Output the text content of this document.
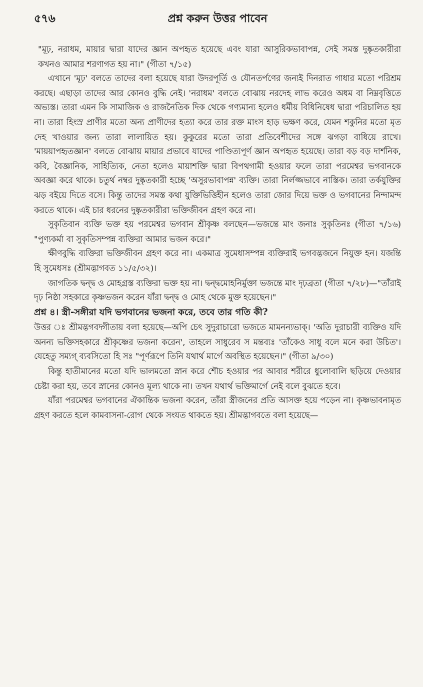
৫৭৬	প্রশ্ন করুন উত্তর পাবেন

"মূঢ়, নরাধম, মায়ার দ্বারা যাদের জ্ঞান অপহৃত হয়েছে এবং যারা আসুরিকভাবাপন্ন, সেই সমস্ত দুষ্কৃতকারীরা কখনও আমার শরণাগত হয় না।" (গীতা ৭/১৫)

এখানে 'মূঢ়' বলতে তাদের বলা হয়েছে যারা উদরপূর্তি ও যৌনতর্পণের জন্যই দিনরাত গাধার মতো পরিশ্রম করছে। এছাড়া তাদের আর কোনও বুদ্ধি নেই। 'নরাধম' বলতে বোঝায় নরদেহ লাভ করেও অধম বা নিম্নবৃত্তিতে অভ্যস্ত। তারা এমন কি সামাজিক ও রাজনৈতিক দিক থেকে গণ্যমান্য হলেও ধর্মীয় বিধিনিষেধ দ্বারা পরিচালিত হয় না। তারা হিংস্র প্রাণীর মতো অন্য প্রাণীদের হত্যা করে তার রক্ত মাংস হাড় ভক্ষণ করে, যেমন শকুনির মতো মৃত দেহ খাওয়ার জন্য তারা লালায়িত হয়। কুকুরের মতো তারা প্রতিবেশীদের সঙ্গে ঝগড়া বাধিয়ে রাখে। 'মায়য়াপহৃতজ্ঞান' বলতে বোঝায় মায়ার প্রভাবে যাদের পাণ্ডিত্যপূর্ণ জ্ঞান অপহৃত হয়েছে। তারা বড় বড় দার্শনিক, কবি, বৈজ্ঞানিক, সাহিত্যিক, নেতা হলেও মায়াশক্তি দ্বারা বিপথগামী হওয়ার ফলে তারা পরমেশ্বর ভগবানকে অবজ্ঞা করে থাকে। চতুর্থ নম্বর দুষ্কৃতকারী হচ্ছে 'অসুরভাবাপন্ন' ব্যক্তি। তারা নির্লজ্জভাবে নাস্তিক। তারা তর্কযুক্তির ঝড় বইয়ে দিতে বসে। কিন্তু তাদের সমস্ত কথা যুক্তিভিত্তিহীন হলেও তারা জোর দিয়ে ভক্ত ও ভগবানের নিন্দামন্দ করতে থাকে। এই চার ধরনের দুষ্কৃতকারীরা ভক্তিজীবন গ্রহণ করে না।

সুকৃতিবান ব্যক্তি ভক্ত হয় পরমেশ্বর ভগবান শ্রীকৃষ্ণ বলছেন—ভজন্তে মাং জনাঃ সুকৃতিনঃ (গীতা ৭/১৬) "পুণ্যকর্মা বা সুকৃতিসম্পন্ন ব্যক্তিরা আমার ভজন করে।"

ক্ষীণবুদ্ধি ব্যক্তিরা ভক্তিজীবন গ্রহণ করে না। একমাত্র সুমেধাসম্পন্ন ব্যক্তিরাই ভগবদ্ভজনে নিযুক্ত হন। যজন্তি হি সুমেধসঃ (শ্রীমদ্ভাগবত ১১/৫/৩২)।

জাগতিক দ্বন্দ্ব ও মোহগ্রস্ত ব্যক্তিরা ভক্ত হয় না। দ্বন্দ্বমোহনির্মুক্তা ভজন্তে মাং দৃঢ়ব্রতা (গীতা ৭/২৮)—"তাঁরাই দৃঢ় নিষ্ঠা সহকারে কৃষ্ণভজন করেন যাঁরা দ্বন্দ্ব ও মোহ থেকে মুক্ত হয়েছেন।"

প্রশ্ন ৪। স্ত্রী-সঙ্গীরা যদি ভগবানের ভজনা করে, তবে তার গতি কী?

উত্তর ঃ শ্রীমদ্ভগবদ্গীতায় বলা হয়েছে—অপি চেৎ সুদুরাচারো ভজতে মামনন্যভাক্। 'অতি দুরাচারী ব্যক্তিও যদি অনন্য ভক্তিসহকারে শ্রীকৃষ্ণের ভজনা করেন', তাহলে সাধুরেব স মন্তব্যঃ 'তাঁকেও সাধু বলে মনে করা উচিত'। যেহেতু সম্যগ্ ব্যবসিতো হি সঃ "পূর্ণরূপে তিনি যথার্থ মার্গে অবস্থিত হয়েছেন।" (গীতা ৯/৩০)

কিন্তু হাতীমানের মতো যদি ভালমতো স্নান করে শৌচ হওয়ার পর আবার শরীরে ধুলোবালি ছড়িয়ে দেওয়ার চেষ্টা করা হয়, তবে স্নানের কোনও মূল্য থাকে না। তখন যথার্থ ভক্তিমার্গে নেই বলে বুঝতে হবে।

যাঁরা পরমেশ্বর ভগবানের ঐকান্তিক ভজনা করেন, তাঁরা স্ত্রীজনের প্রতি আসক্ত হয়ে পড়েন না। কৃষ্ণভাবনামৃত গ্রহণ করতে হলে কামবাসনা-রোগ থেকে সংযত থাকতে হয়। শ্রীমদ্ভাগবতে বলা হয়েছে—
